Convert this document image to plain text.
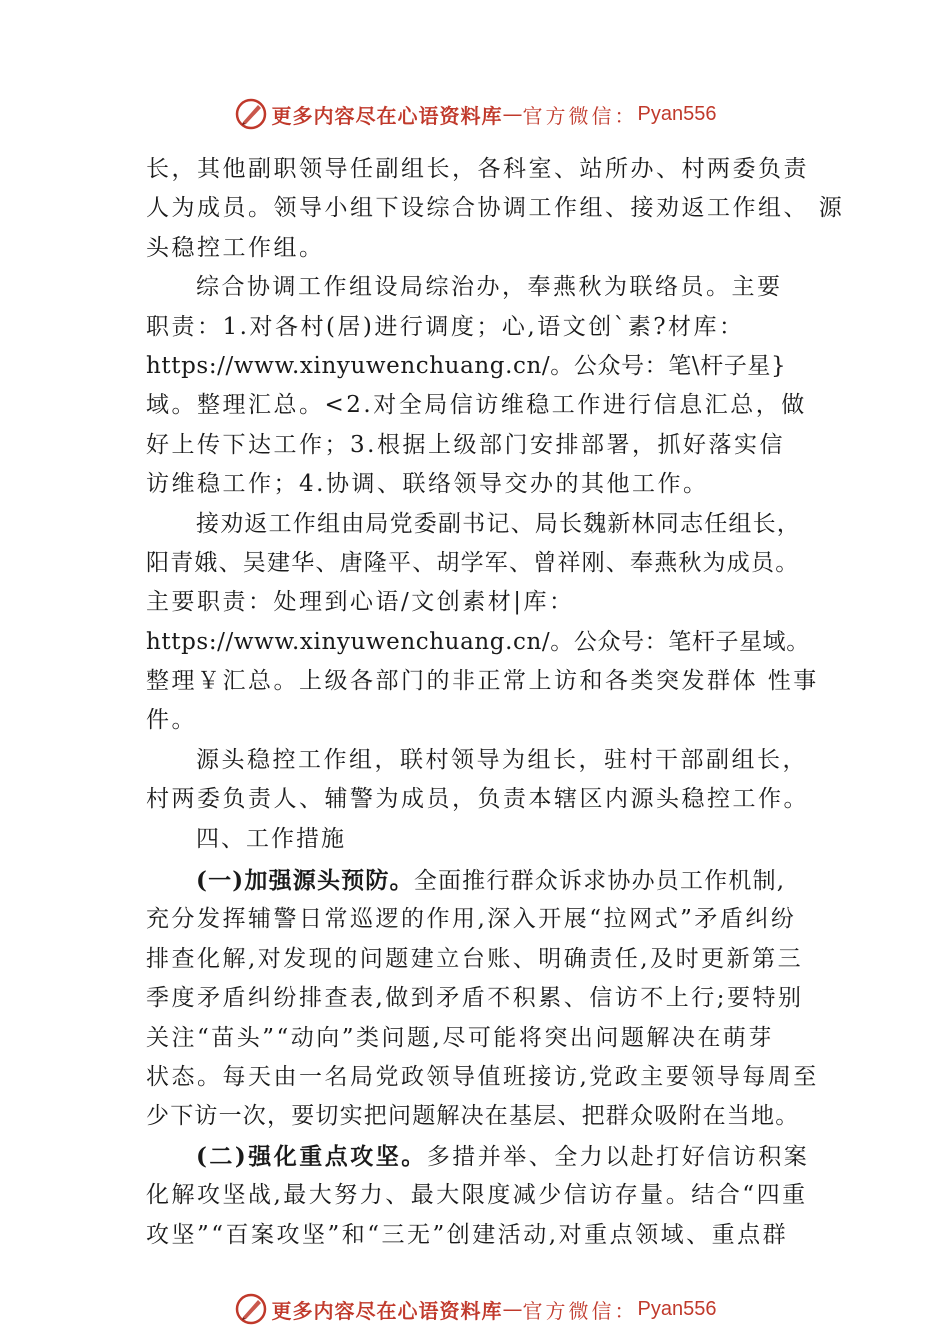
更多内容尽在心语资料库 — 官方微信： Pyan556
长，其他副职领导任副组长，各科室、站所办、村两委负责
人为成员。领导小组下设综合协调工作组、接劝返工作组、 源
头稳控工作组。
综合协调工作组设局综治办，奉燕秋为联络员。主要
职责：1.对各村(居)进行调度；心,语文创`素?材库：
https://www.xinyuwenchuang.cn/。公众号：笔\杆子星}
域。整理汇总。<2.对全局信访维稳工作进行信息汇总，做
好上传下达工作；3.根据上级部门安排部署，抓好落实信
访维稳工作；4.协调、联络领导交办的其他工作。
接劝返工作组由局党委副书记、局长魏新林同志任组长，
阳青娥、吴建华、唐隆平、胡学军、曾祥刚、奉燕秋为成员。
主要职责：处理到心语/文创素材|库：
https://www.xinyuwenchuang.cn/。公众号：笔杆子星域。
整理￥汇总。上级各部门的非正常上访和各类突发群体 性事
件。
源头稳控工作组，联村领导为组长，驻村干部副组长，
村两委负责人、辅警为成员，负责本辖区内源头稳控工作。
四、工作措施
(一)加强源头预防。全面推行群众诉求协办员工作机制,
充分发挥辅警日常巡逻的作用,深入开展“拉网式”矛盾纠纷
排查化解,对发现的问题建立台账、明确责任,及时更新第三
季度矛盾纠纷排查表,做到矛盾不积累、信访不上行;要特别
关注“苗头”“动向”类问题,尽可能将突出问题解决在萌芽
状态。每天由一名局党政领导值班接访,党政主要领导每周至
少下访一次，要切实把问题解决在基层、把群众吸附在当地。
(二)强化重点攻坚。多措并举、全力以赴打好信访积案
化解攻坚战,最大努力、最大限度减少信访存量。结合“四重
攻坚”“百案攻坚”和“三无”创建活动,对重点领域、重点群
更多内容尽在心语资料库 — 官方微信： Pyan556
